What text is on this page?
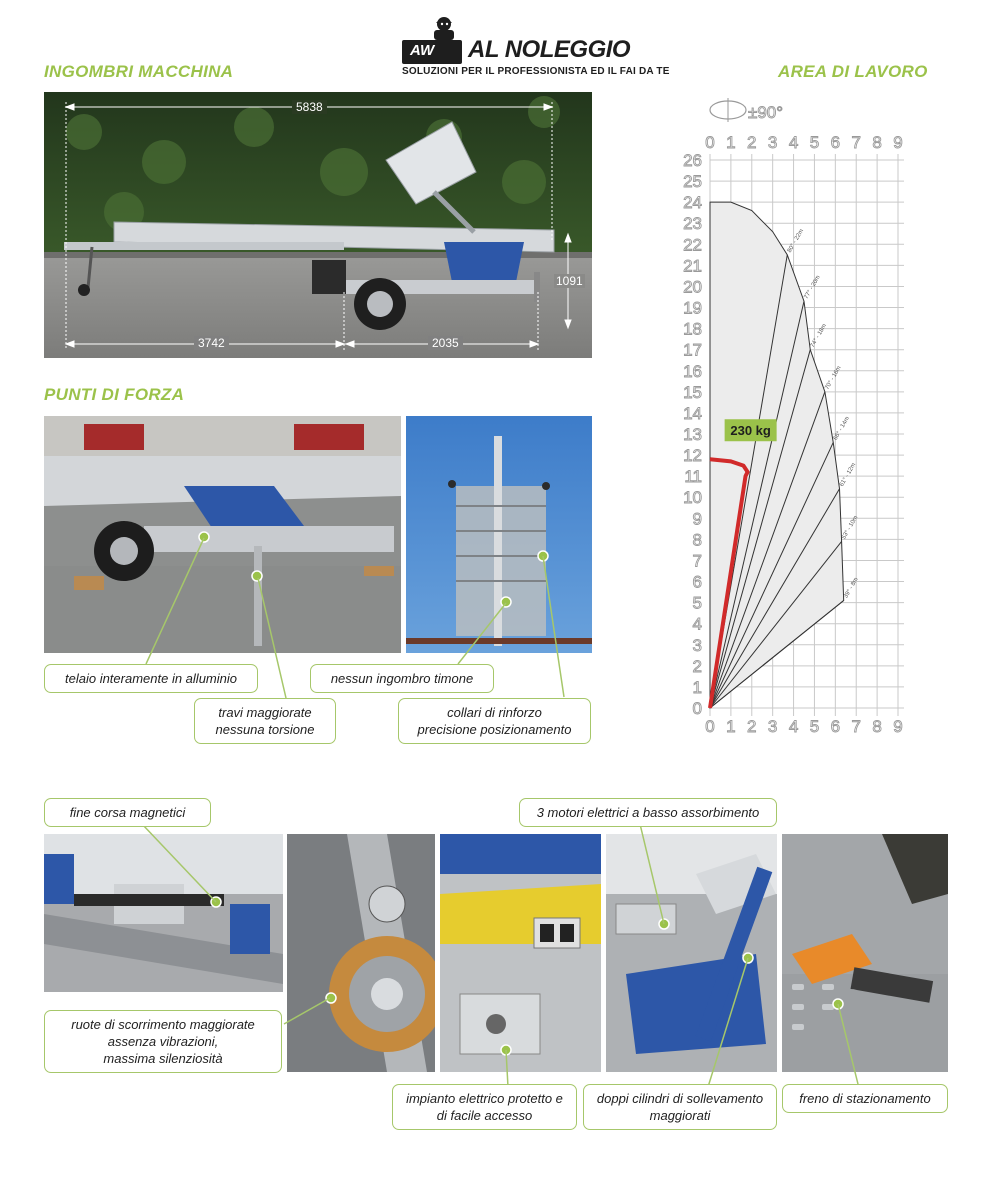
AW AL NOLEGGIO
SOLUZIONI PER IL PROFESSIONISTA ED IL FAI DA TE
INGOMBRI MACCHINA	AREA DI LAVORO
PUNTI DI FORZA
5838
3742	2035
1091
80° - 22m
77° - 20m
74° - 18m
70° - 16m
66° - 14m
61° - 12m
53° - 10m
39° - 8m
230 kg
0
1
2
3
4
5
6
7
8
9
10
11
12
13
14
15
16
17
18
19
20
21
22
23
24
25
26
0
0
1
1
2
2
3
3
4
4
5
5
6
6
7
7
8
8
9
9
±90°
telaio interamente in alluminio
travi maggiorate
nessuna torsione
nessun ingombro timone
collari di rinforzo
precisione posizionamento
fine corsa magnetici	3 motori elettrici a basso assorbimento
ruote di scorrimento maggiorate
assenza vibrazioni,
massima silenziosità
impianto elettrico protetto e
di facile accesso
doppi cilindri di sollevamento
maggiorati
freno di stazionamento
